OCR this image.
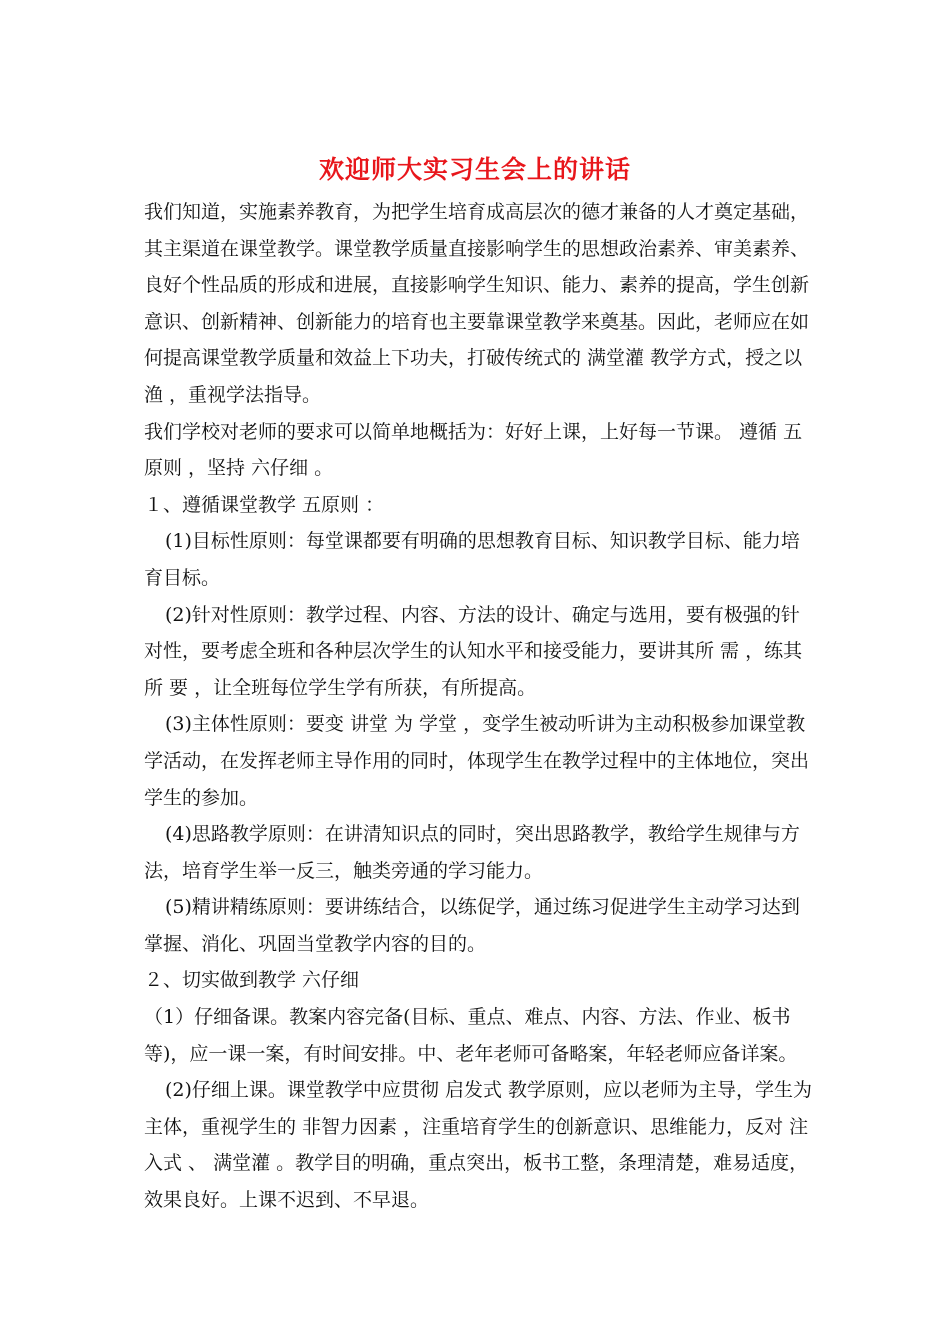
欢迎师大实习生会上的讲话

我们知道，实施素养教育，为把学生培育成高层次的德才兼备的人才奠定基础，其主渠道在课堂教学。课堂教学质量直接影响学生的思想政治素养、审美素养、良好个性品质的形成和进展，直接影响学生知识、能力、素养的提高，学生创新意识、创新精神、创新能力的培育也主要靠课堂教学来奠基。因此，老师应在如何提高课堂教学质量和效益上下功夫，打破传统式的 满堂灌 教学方式，授之以渔 ，重视学法指导。

我们学校对老师的要求可以简单地概括为：好好上课，上好每一节课。 遵循 五原则 ，坚持 六仔细 。

１、遵循课堂教学 五原则 ：

(1)目标性原则：每堂课都要有明确的思想教育目标、知识教学目标、能力培育目标。

(2)针对性原则：教学过程、内容、方法的设计、确定与选用，要有极强的针对性，要考虑全班和各种层次学生的认知水平和接受能力，要讲其所 需 ，练其所 要 ，让全班每位学生学有所获，有所提高。

(3)主体性原则：要变 讲堂 为 学堂 ，变学生被动听讲为主动积极参加课堂教学活动，在发挥老师主导作用的同时，体现学生在教学过程中的主体地位，突出学生的参加。

(4)思路教学原则：在讲清知识点的同时，突出思路教学，教给学生规律与方法，培育学生举一反三，触类旁通的学习能力。

(5)精讲精练原则：要讲练结合，以练促学，通过练习促进学生主动学习达到掌握、消化、巩固当堂教学内容的目的。

２、切实做到教学 六仔细

（1）仔细备课。教案内容完备(目标、重点、难点、内容、方法、作业、板书等)，应一课一案，有时间安排。中、老年老师可备略案，年轻老师应备详案。

(2)仔细上课。课堂教学中应贯彻 启发式 教学原则，应以老师为主导，学生为主体，重视学生的 非智力因素 ，注重培育学生的创新意识、思维能力，反对 注入式 、 满堂灌 。教学目的明确，重点突出，板书工整，条理清楚，难易适度，效果良好。上课不迟到、不早退。
